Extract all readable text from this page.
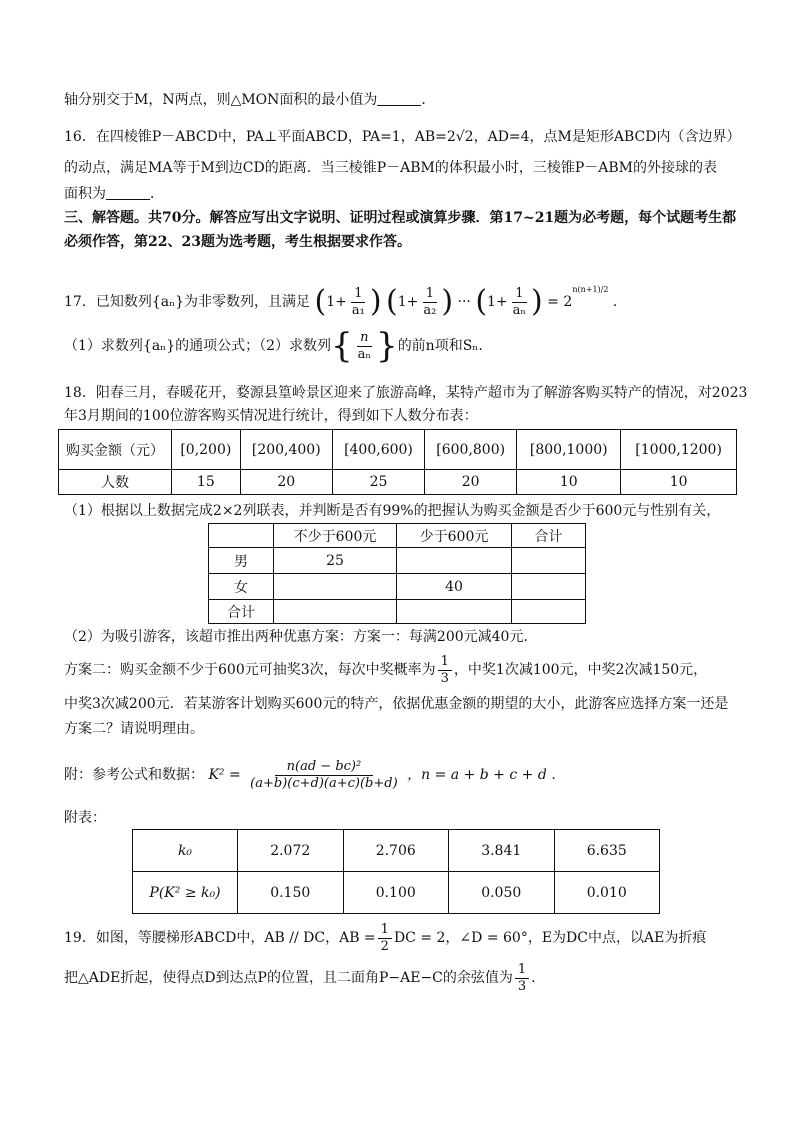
轴分别交于M，N两点，则△MON面积的最小值为	．
16．在四棱锥P－ABCD中，PA⊥平面ABCD，PA=1，AB=2√2，AD=4，点M是矩形ABCD内（含边界）
的动点，满足MA等于M到边CD的距离．当三棱锥P－ABM的体积最小时，三棱锥P－ABM的外接球的表
面积为	．
三、解答题。共70分。解答应写出文字说明、证明过程或演算步骤．第17~21题为必考题，每个试题考生都
必须作答，第22、23题为选考题，考生根据要求作答。
17．已知数列{aₙ}为非零数列，且满足 ($1+ \frac{1}{\text{a₁}}$ ) ($1+ \frac{1}{\text{a₂}}$ ) ··· ($1+ \frac{1}{\text{aₙ}}$ ) = $2^{n(n+1)/2}$ .
（1）求数列{aₙ}的通项公式；（2）求数列{ $\frac{n}{\text{aₙ}}$ }的前n项和Sₙ．
18．阳春三月，春暖花开，婺源县篁岭景区迎来了旅游高峰，某特产超市为了解游客购买特产的情况，对2023
年3月期间的100位游客购买情况进行统计，得到如下人数分布表：
购买金额（元）	[0,200)	[200,400)	[400,600)	[600,800)	[800,1000)	[1000,1200)
人数	15	20	25	20	10	10
（1）根据以上数据完成2×2列联表，并判断是否有99%的把握认为购买金额是否少于600元与性别有关，
	不少于600元	少于600元	合计
男	25		
女		40	
合计			
（2）为吸引游客，该超市推出两种优惠方案：方案一：每满200元减40元．
方案二：购买金额不少于600元可抽奖3次，每次中奖概率为 $\frac{1}{3}$ ，中奖1次减100元，中奖2次减150元，
中奖3次减200元．若某游客计划购买600元的特产，依据优惠金额的期望的大小，此游客应选择方案一还是
方案二？请说明理由。
附：参考公式和数据： $K^2 = \frac{\text{n(ad − bc)²}}{(a+b)(c+d)(a+c)(b+d)}$ ，n = a + b + c + d ．
附表：
k₀	2.072	2.706	3.841	6.635
P(K² ≥ k₀)	0.150	0.100	0.050	0.010
19．如图，等腰梯形ABCD中，AB // DC，AB = $\frac{1}{2}$ DC = 2，∠D = 60°，E为DC中点，以AE为折痕
把△ADE折起，使得点D到达点P的位置，且二面角P−AE−C的余弦值为 $\frac{1}{3}$ .
